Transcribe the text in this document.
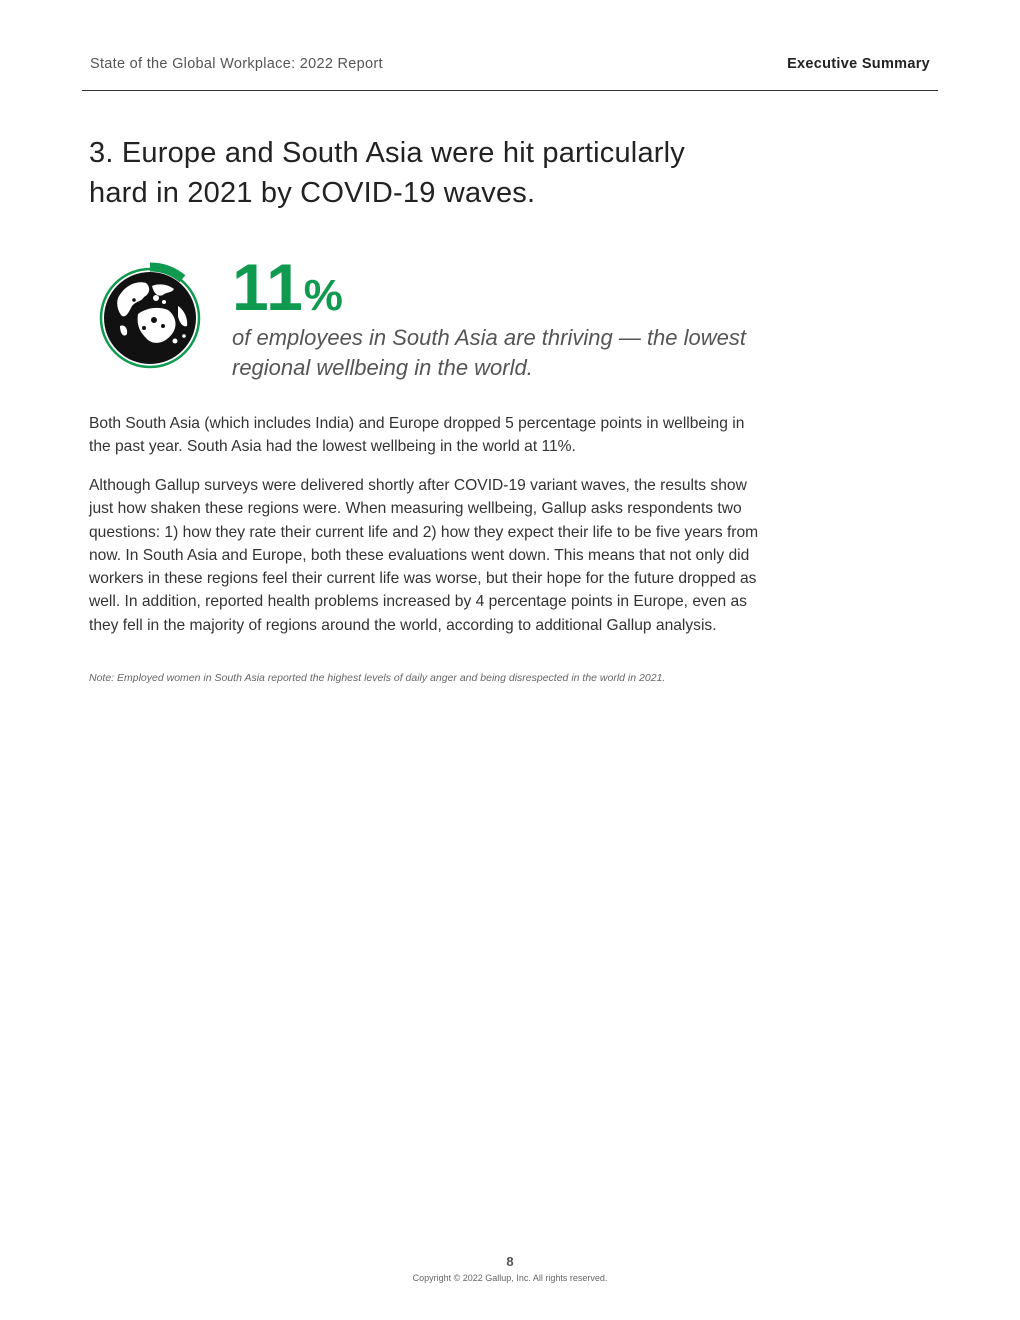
State of the Global Workplace: 2022 Report	Executive Summary
3. Europe and South Asia were hit particularly hard in 2021 by COVID-19 waves.
11%

of employees in South Asia are thriving — the lowest regional wellbeing in the world.

Both South Asia (which includes India) and Europe dropped 5 percentage points in wellbeing in the past year. South Asia had the lowest wellbeing in the world at 11%.

Although Gallup surveys were delivered shortly after COVID-19 variant waves, the results show just how shaken these regions were. When measuring wellbeing, Gallup asks respondents two questions: 1) how they rate their current life and 2) how they expect their life to be five years from now. In South Asia and Europe, both these evaluations went down. This means that not only did workers in these regions feel their current life was worse, but their hope for the future dropped as well. In addition, reported health problems increased by 4 percentage points in Europe, even as they fell in the majority of regions around the world, according to additional Gallup analysis.

Note: Employed women in South Asia reported the highest levels of daily anger and being disrespected in the world in 2021.

8
Copyright © 2022 Gallup, Inc. All rights reserved.
